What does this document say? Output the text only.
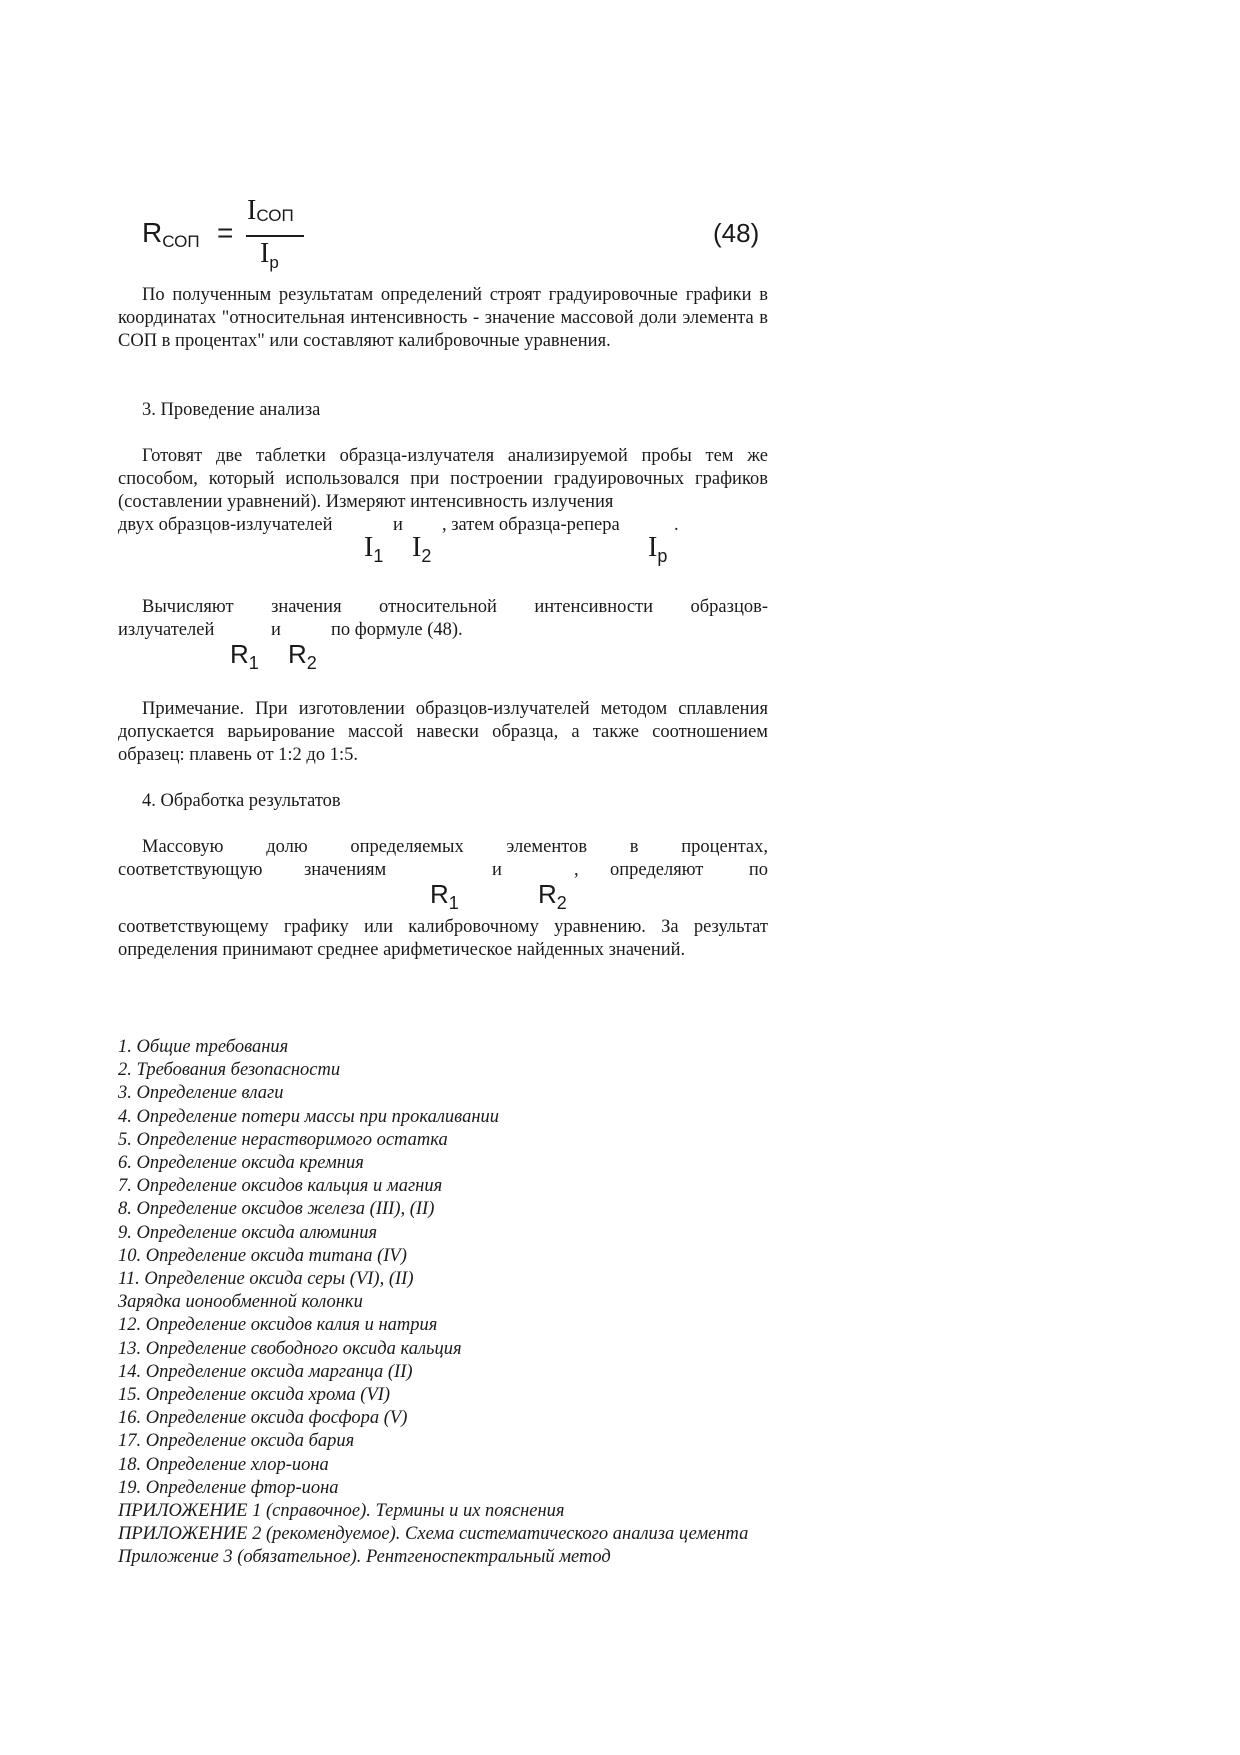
$R_{СОП}$ =
$I_{СОП}$
$I_р$
(48)
По полученным результатам определений строят градуировочные графики в координатах "относительная интенсивность - значение массовой доли элемента в СОП в процентах" или составляют калибровочные уравнения.
3. Проведение анализа
Готовят две таблетки образца-излучателя анализируемой пробы тем же способом, который использовался при построении градуировочных графиков (составлении уравнений). Измеряют интенсивность излучения
двух образцов-излучателей	и , затем образца-репера	.
$I_1$ $I_2$	$I_р$
Вычисляют значения относительной интенсивности образцов-
излучателей	и	по формуле (48).
$R_1$ $R_2$
Примечание. При изготовлении образцов-излучателей методом сплавления допускается варьирование массой навески образца, а также соотношением образец: плавень от 1:2 до 1:5.
4. Обработка результатов
Массовую долю определяемых элементов в процентах,
соответствующую значениям	и	, определяют по
$R_1$	$R_2$
соответствующему графику или калибровочному уравнению. За результат определения принимают среднее арифметическое найденных значений.
1. Общие требования
2. Требования безопасности
3. Определение влаги
4. Определение потери массы при прокаливании
5. Определение нерастворимого остатка
6. Определение оксида кремния
7. Определение оксидов кальция и магния
8. Определение оксидов железа (III), (II)
9. Определение оксида алюминия
10. Определение оксида титана (IV)
11. Определение оксида серы (VI), (II)
Зарядка ионообменной колонки
12. Определение оксидов калия и натрия
13. Определение свободного оксида кальция
14. Определение оксида марганца (II)
15. Определение оксида хрома (VI)
16. Определение оксида фосфора (V)
17. Определение оксида бария
18. Определение хлор-иона
19. Определение фтор-иона
ПРИЛОЖЕНИЕ 1 (справочное). Термины и их пояснения
ПРИЛОЖЕНИЕ 2 (рекомендуемое). Схема систематического анализа цемента
Приложение 3 (обязательное). Рентгеноспектральный метод
